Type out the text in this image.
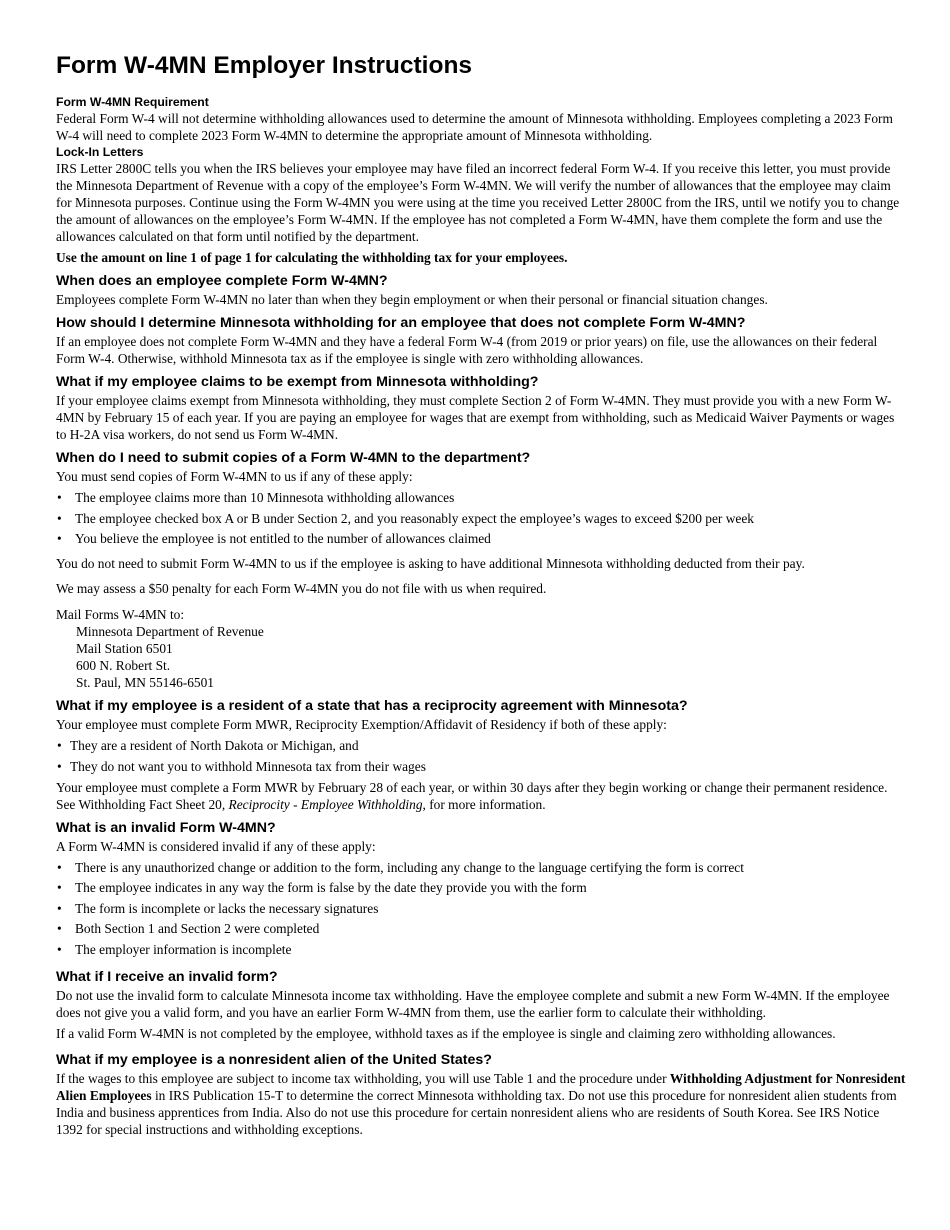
Form W-4MN Employer Instructions

Form W-4MN Requirement

Federal Form W-4 will not determine withholding allowances used to determine the amount of Minnesota withholding. Employees completing a 2023 Form W-4 will need to complete 2023 Form W-4MN to determine the appropriate amount of Minnesota withholding.

Lock-In Letters

IRS Letter 2800C tells you when the IRS believes your employee may have filed an incorrect federal Form W-4. If you receive this letter, you must provide the Minnesota Department of Revenue with a copy of the employee’s Form W-4MN. We will verify the number of allowances that the employee may claim for Minnesota purposes. Continue using the Form W-4MN you were using at the time you received Letter 2800C from the IRS, until we notify you to change the amount of allowances on the employee’s Form W-4MN. If the employee has not completed a Form W-4MN, have them complete the form and use the allowances calculated on that form until notified by the department.

Use the amount on line 1 of page 1 for calculating the withholding tax for your employees.

When does an employee complete Form W-4MN?

Employees complete Form W-4MN no later than when they begin employment or when their personal or financial situation changes.

How should I determine Minnesota withholding for an employee that does not complete Form W-4MN?

If an employee does not complete Form W-4MN and they have a federal Form W-4 (from 2019 or prior years) on file, use the allowances on their federal Form W-4. Otherwise, withhold Minnesota tax as if the employee is single with zero withholding allowances.

What if my employee claims to be exempt from Minnesota withholding?

If your employee claims exempt from Minnesota withholding, they must complete Section 2 of Form W-4MN. They must provide you with a new Form W-4MN by February 15 of each year. If you are paying an employee for wages that are exempt from withholding, such as Medicaid Waiver Payments or wages to H-2A visa workers, do not send us Form W-4MN.

When do I need to submit copies of a Form W-4MN to the department?

You must send copies of Form W-4MN to us if any of these apply:

• The employee claims more than 10 Minnesota withholding allowances
• The employee checked box A or B under Section 2, and you reasonably expect the employee’s wages to exceed $200 per week
• You believe the employee is not entitled to the number of allowances claimed

You do not need to submit Form W-4MN to us if the employee is asking to have additional Minnesota withholding deducted from their pay.

We may assess a $50 penalty for each Form W-4MN you do not file with us when required.

Mail Forms W-4MN to:

Minnesota Department of Revenue

Mail Station 6501

600 N. Robert St.

St. Paul, MN 55146-6501

What if my employee is a resident of a state that has a reciprocity agreement with Minnesota?

Your employee must complete Form MWR, Reciprocity Exemption/Affidavit of Residency if both of these apply:

• They are a resident of North Dakota or Michigan, and
• They do not want you to withhold Minnesota tax from their wages

Your employee must complete a Form MWR by February 28 of each year, or within 30 days after they begin working or change their permanent residence. See Withholding Fact Sheet 20, Reciprocity - Employee Withholding, for more information.

What is an invalid Form W-4MN?

A Form W-4MN is considered invalid if any of these apply:

• There is any unauthorized change or addition to the form, including any change to the language certifying the form is correct
• The employee indicates in any way the form is false by the date they provide you with the form
• The form is incomplete or lacks the necessary signatures
• Both Section 1 and Section 2 were completed
• The employer information is incomplete
What if I receive an invalid form?

Do not use the invalid form to calculate Minnesota income tax withholding. Have the employee complete and submit a new Form W-4MN. If the employee does not give you a valid form, and you have an earlier Form W-4MN from them, use the earlier form to calculate their withholding.

If a valid Form W-4MN is not completed by the employee, withhold taxes as if the employee is single and claiming zero withholding allowances.

What if my employee is a nonresident alien of the United States?

If the wages to this employee are subject to income tax withholding, you will use Table 1 and the procedure under Withholding Adjustment for Nonresident Alien Employees in IRS Publication 15-T to determine the correct Minnesota withholding tax. Do not use this procedure for nonresident alien students from India and business apprentices from India. Also do not use this procedure for certain nonresident aliens who are residents of South Korea. See IRS Notice 1392 for special instructions and withholding exceptions.
